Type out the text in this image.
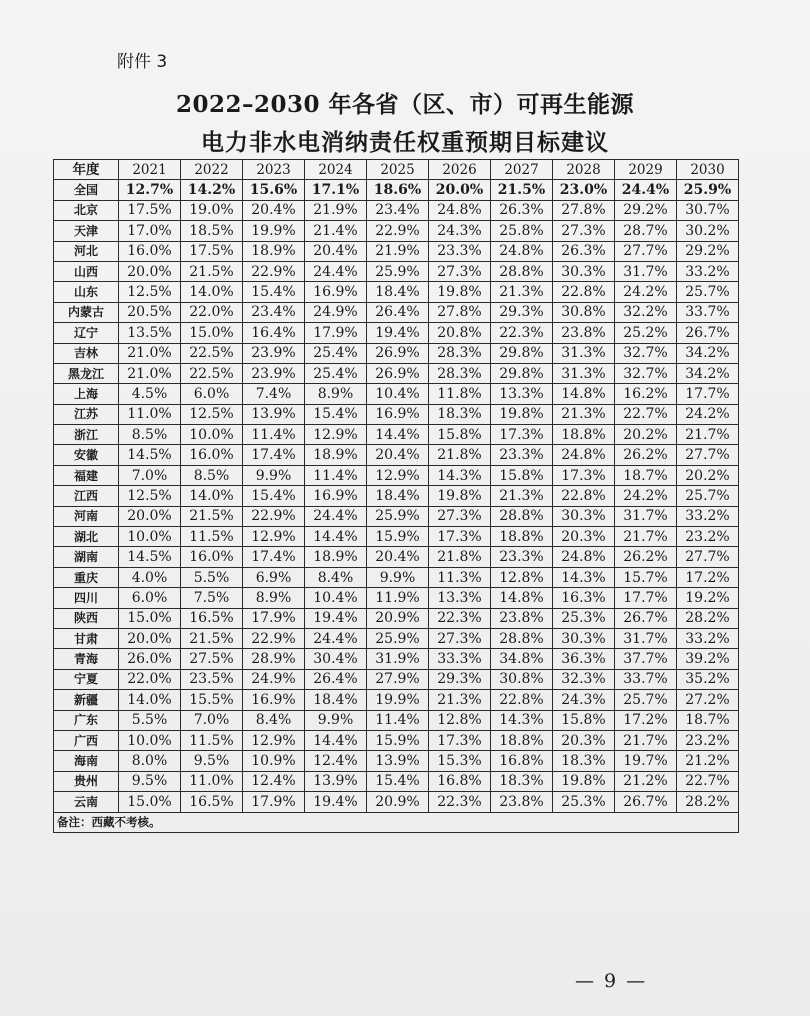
附件 3
2022–2030 年各省（区、市）可再生能源
电力非水电消纳责任权重预期目标建议
年度	2021	2022	2023	2024	2025	2026	2027	2028	2029	2030
全国	12.7%	14.2%	15.6%	17.1%	18.6%	20.0%	21.5%	23.0%	24.4%	25.9%
北京	17.5%	19.0%	20.4%	21.9%	23.4%	24.8%	26.3%	27.8%	29.2%	30.7%
天津	17.0%	18.5%	19.9%	21.4%	22.9%	24.3%	25.8%	27.3%	28.7%	30.2%
河北	16.0%	17.5%	18.9%	20.4%	21.9%	23.3%	24.8%	26.3%	27.7%	29.2%
山西	20.0%	21.5%	22.9%	24.4%	25.9%	27.3%	28.8%	30.3%	31.7%	33.2%
山东	12.5%	14.0%	15.4%	16.9%	18.4%	19.8%	21.3%	22.8%	24.2%	25.7%
内蒙古	20.5%	22.0%	23.4%	24.9%	26.4%	27.8%	29.3%	30.8%	32.2%	33.7%
辽宁	13.5%	15.0%	16.4%	17.9%	19.4%	20.8%	22.3%	23.8%	25.2%	26.7%
吉林	21.0%	22.5%	23.9%	25.4%	26.9%	28.3%	29.8%	31.3%	32.7%	34.2%
黑龙江	21.0%	22.5%	23.9%	25.4%	26.9%	28.3%	29.8%	31.3%	32.7%	34.2%
上海	4.5%	6.0%	7.4%	8.9%	10.4%	11.8%	13.3%	14.8%	16.2%	17.7%
江苏	11.0%	12.5%	13.9%	15.4%	16.9%	18.3%	19.8%	21.3%	22.7%	24.2%
浙江	8.5%	10.0%	11.4%	12.9%	14.4%	15.8%	17.3%	18.8%	20.2%	21.7%
安徽	14.5%	16.0%	17.4%	18.9%	20.4%	21.8%	23.3%	24.8%	26.2%	27.7%
福建	7.0%	8.5%	9.9%	11.4%	12.9%	14.3%	15.8%	17.3%	18.7%	20.2%
江西	12.5%	14.0%	15.4%	16.9%	18.4%	19.8%	21.3%	22.8%	24.2%	25.7%
河南	20.0%	21.5%	22.9%	24.4%	25.9%	27.3%	28.8%	30.3%	31.7%	33.2%
湖北	10.0%	11.5%	12.9%	14.4%	15.9%	17.3%	18.8%	20.3%	21.7%	23.2%
湖南	14.5%	16.0%	17.4%	18.9%	20.4%	21.8%	23.3%	24.8%	26.2%	27.7%
重庆	4.0%	5.5%	6.9%	8.4%	9.9%	11.3%	12.8%	14.3%	15.7%	17.2%
四川	6.0%	7.5%	8.9%	10.4%	11.9%	13.3%	14.8%	16.3%	17.7%	19.2%
陕西	15.0%	16.5%	17.9%	19.4%	20.9%	22.3%	23.8%	25.3%	26.7%	28.2%
甘肃	20.0%	21.5%	22.9%	24.4%	25.9%	27.3%	28.8%	30.3%	31.7%	33.2%
青海	26.0%	27.5%	28.9%	30.4%	31.9%	33.3%	34.8%	36.3%	37.7%	39.2%
宁夏	22.0%	23.5%	24.9%	26.4%	27.9%	29.3%	30.8%	32.3%	33.7%	35.2%
新疆	14.0%	15.5%	16.9%	18.4%	19.9%	21.3%	22.8%	24.3%	25.7%	27.2%
广东	5.5%	7.0%	8.4%	9.9%	11.4%	12.8%	14.3%	15.8%	17.2%	18.7%
广西	10.0%	11.5%	12.9%	14.4%	15.9%	17.3%	18.8%	20.3%	21.7%	23.2%
海南	8.0%	9.5%	10.9%	12.4%	13.9%	15.3%	16.8%	18.3%	19.7%	21.2%
贵州	9.5%	11.0%	12.4%	13.9%	15.4%	16.8%	18.3%	19.8%	21.2%	22.7%
云南	15.0%	16.5%	17.9%	19.4%	20.9%	22.3%	23.8%	25.3%	26.7%	28.2%
备注：西藏不考核。										
— 9 —
